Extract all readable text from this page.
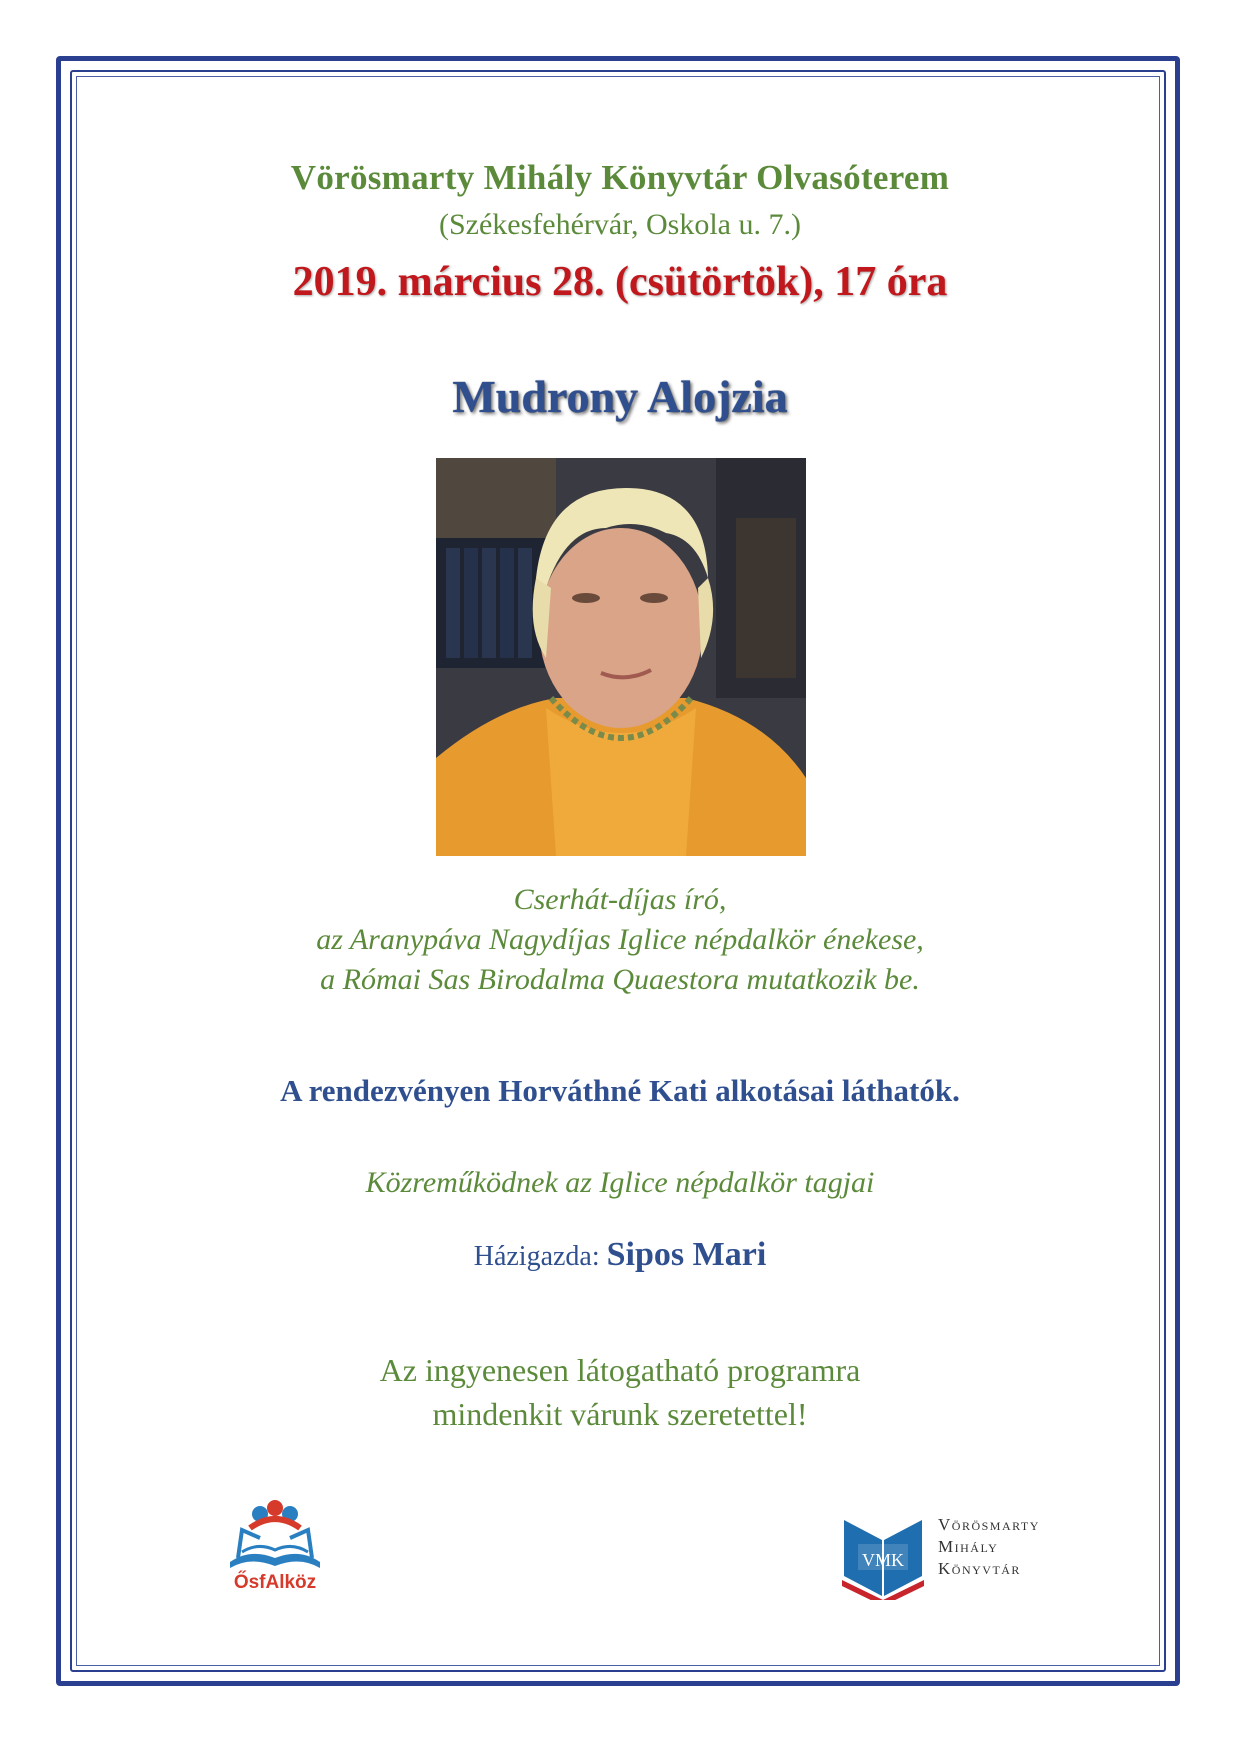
Vörösmarty Mihály Könyvtár Olvasóterem

(Székesfehérvár, Oskola u. 7.)

2019. március 28. (csütörtök), 17 óra

Mudrony Alojzia

Cserhát-díjas író,
az Aranypáva Nagydíjas Iglice népdalkör énekese,
a Római Sas Birodalma Quaestora mutatkozik be.

A rendezvényen Horváthné Kati alkotásai láthatók.

Közreműködnek az Iglice népdalkör tagjai

Házigazda: Sipos Mari

Az ingyenesen látogatható programra
mindenkit várunk szeretettel!

ŐsfAlköz
VMK
Vörösmarty
Mihály
Könyvtár
